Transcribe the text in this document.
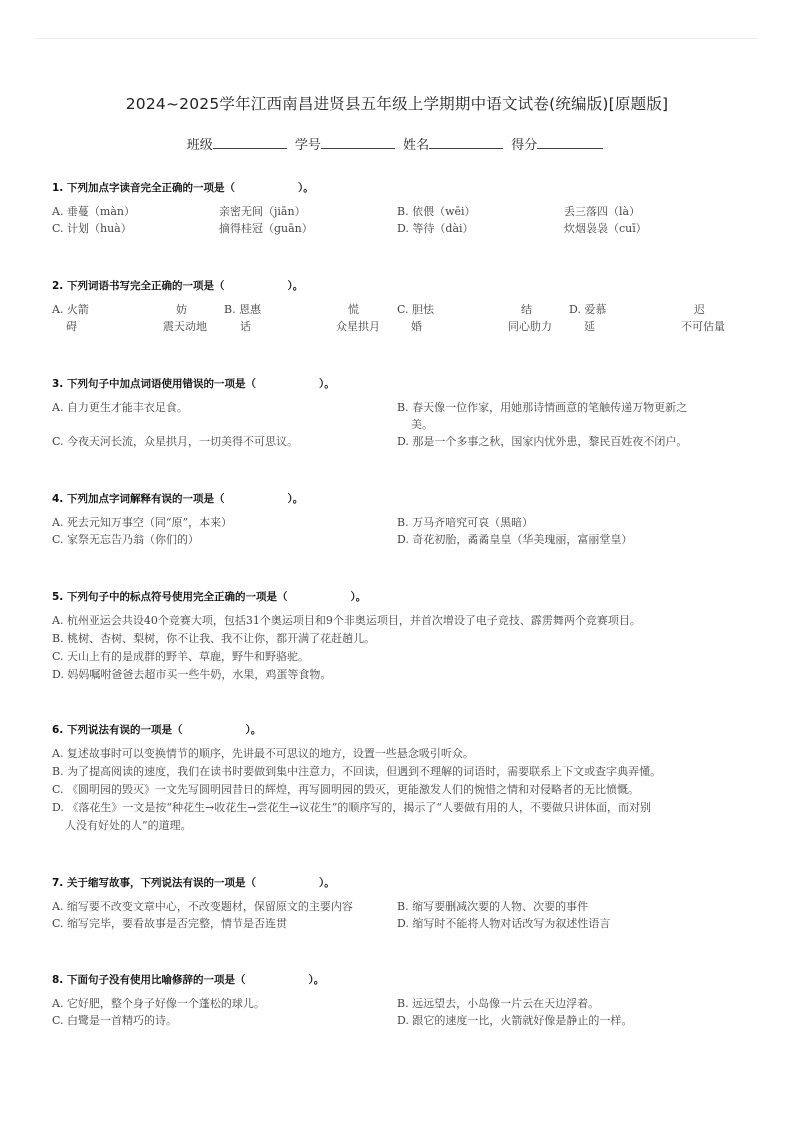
2024~2025学年江西南昌进贤县五年级上学期期中语文试卷(统编版)[原题版]
班级	学号	姓名	得分
1. 下列加点字读音完全正确的一项是（　　　　　　）。
A. 垂蔓（màn）	亲密无间（jiān）	B. 依偎（wēi）	丢三落四（là）
C. 计划（huà）	摘得桂冠（guān）	D. 等待（dài）	炊烟袅袅（cuī）
2. 下列词语书写完全正确的一项是（　　　　　　）。
A. 火箭	妨	B. 恩惠	慌	C. 胆怯	结	D. 爱慕	迟
碍	震天动地	话	众星拱月	婚	同心肋力	延	不可估量
3. 下列句子中加点词语使用错误的一项是（　　　　　　）。
A. 自力更生才能丰衣足食。	B. 春天像一位作家，用她那诗情画意的笔触传递万物更新之
美。
C. 今夜天河长流，众星拱月，一切美得不可思议。	D. 那是一个多事之秋，国家内忧外患，黎民百姓夜不闭户。
4. 下列加点字词解释有误的一项是（　　　　　　）。
A. 死去元知万事空（同“原”，本来）	B. 万马齐喑究可哀（黑暗）
C. 家祭无忘告乃翁（你们的）	D. 奇花初胎，矞矞皇皇（华美瑰丽，富丽堂皇）
5. 下列句子中的标点符号使用完全正确的一项是（　　　　　　）。
A. 杭州亚运会共设40个竞赛大项，包括31个奥运项目和9个非奥运项目，并首次增设了电子竞技、霹雳舞两个竞赛项目。
B. 桃树、杏树、梨树，你不让我、我不让你，都开满了花赶趟儿。
C. 天山上有的是成群的野羊、草鹿，野牛和野骆驼。
D. 妈妈嘱咐爸爸去超市买一些牛奶，水果，鸡蛋等食物。
6. 下列说法有误的一项是（　　　　　　）。
A. 复述故事时可以变换情节的顺序，先讲最不可思议的地方，设置一些悬念吸引听众。
B. 为了提高阅读的速度，我们在读书时要做到集中注意力，不回读，但遇到不理解的词语时，需要联系上下文或查字典弄懂。
C. 《圆明园的毁灭》一文先写圆明园昔日的辉煌，再写圆明园的毁灭，更能激发人们的惋惜之情和对侵略者的无比愤慨。
D. 《落花生》一文是按“种花生→收花生→尝花生→议花生”的顺序写的，揭示了“人要做有用的人，不要做只讲体面，而对别
人没有好处的人”的道理。
7. 关于缩写故事，下列说法有误的一项是（　　　　　　）。
A. 缩写要不改变文章中心，不改变题材，保留原文的主要内容	B. 缩写要删减次要的人物、次要的事件
C. 缩写完毕，要看故事是否完整，情节是否连贯	D. 缩写时不能将人物对话改写为叙述性语言
8. 下面句子没有使用比喻修辞的一项是（　　　　　　）。
A. 它好肥，整个身子好像一个蓬松的球儿。	B. 远远望去，小岛像一片云在天边浮着。
C. 白鹭是一首精巧的诗。	D. 跟它的速度一比，火箭就好像是静止的一样。
